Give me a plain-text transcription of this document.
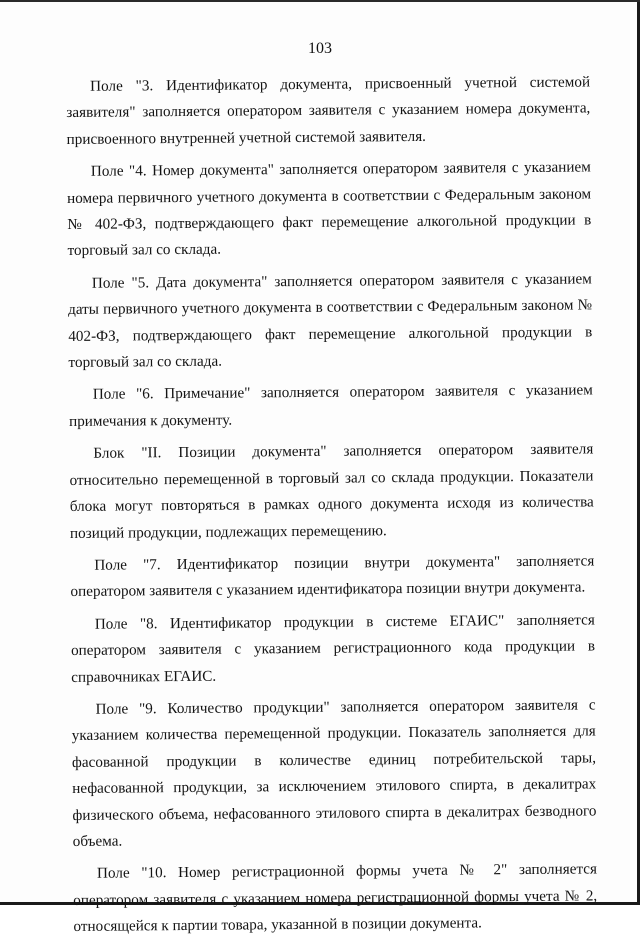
103

Поле "3. Идентификатор документа, присвоенный учетной системой заявителя" заполняется оператором заявителя с указанием номера документа, присвоенного внутренней учетной системой заявителя.

Поле "4. Номер документа" заполняется оператором заявителя с указанием номера первичного учетного документа в соответствии с Федеральным законом № 402-ФЗ, подтверждающего факт перемещение алкогольной продукции в торговый зал со склада.

Поле "5. Дата документа" заполняется оператором заявителя с указанием даты первичного учетного документа в соответствии с Федеральным законом № 402-ФЗ, подтверждающего факт перемещение алкогольной продукции в торговый зал со склада.

Поле "6. Примечание" заполняется оператором заявителя с указанием примечания к документу.

Блок "II. Позиции документа" заполняется оператором заявителя относительно перемещенной в торговый зал со склада продукции. Показатели блока могут повторяться в рамках одного документа исходя из количества позиций продукции, подлежащих перемещению.

Поле "7. Идентификатор позиции внутри документа" заполняется оператором заявителя с указанием идентификатора позиции внутри документа.

Поле "8. Идентификатор продукции в системе ЕГАИС" заполняется оператором заявителя с указанием регистрационного кода продукции в справочниках ЕГАИС.

Поле "9. Количество продукции" заполняется оператором заявителя с указанием количества перемещенной продукции. Показатель заполняется для фасованной продукции в количестве единиц потребительской тары, нефасованной продукции, за исключением этилового спирта, в декалитрах физического объема, нефасованного этилового спирта в декалитрах безводного объема.

Поле "10. Номер регистрационной формы учета № 2" заполняется оператором заявителя с указанием номера регистрационной формы учета № 2, относящейся к партии товара, указанной в позиции документа.
